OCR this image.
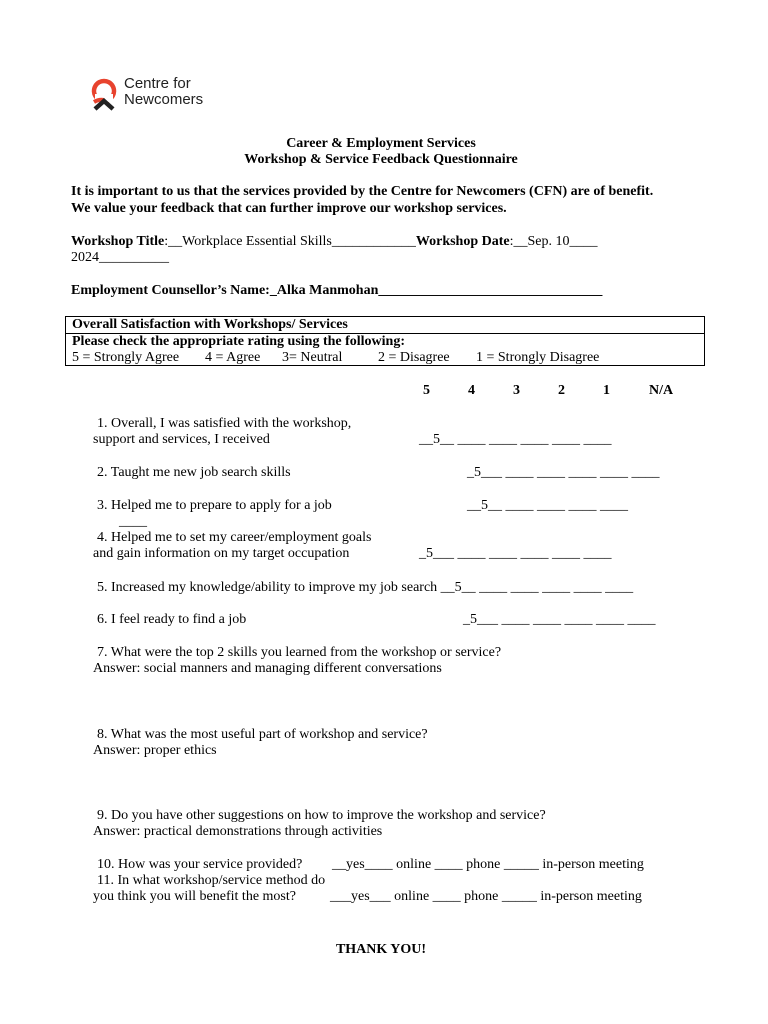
Centre for
Newcomers
Career & Employment Services
Workshop & Service Feedback Questionnaire
It is important to us that the services provided by the Centre for Newcomers (CFN) are of benefit.
We value your feedback that can further improve our workshop services.
Workshop Title:__Workplace Essential Skills____________Workshop Date:__Sep. 10____
2024__________
Employment Counsellor’s Name:_Alka Manmohan________________________________
Overall Satisfaction with Workshops/ Services
Please check the appropriate rating using the following:
5 = Strongly Agree 4 = Agree 3= Neutral	2 = Disagree 1 = Strongly Disagree
5	4	3	2	1	N/A
1. Overall, I was satisfied with the workshop,
support and services, I received	__5__ ____ ____ ____ ____ ____
2. Taught me new job search skills	_5___ ____ ____ ____ ____ ____
3. Helped me to prepare to apply for a job	__5__ ____ ____ ____ ____
____
4. Helped me to set my career/employment goals
and gain information on my target occupation	_5___ ____ ____ ____ ____ ____
5. Increased my knowledge/ability to improve my job search __5__ ____ ____ ____ ____ ____
6. I feel ready to find a job	_5___ ____ ____ ____ ____ ____
7. What were the top 2 skills you learned from the workshop or service?
Answer: social manners and managing different conversations
8. What was the most useful part of workshop and service?
Answer: proper ethics
9. Do you have other suggestions on how to improve the workshop and service?
Answer: practical demonstrations through activities
10. How was your service provided? __yes____ online ____ phone _____ in-person meeting
11. In what workshop/service method do
you think you will benefit the most? ___yes___ online ____ phone _____ in-person meeting
THANK YOU!
